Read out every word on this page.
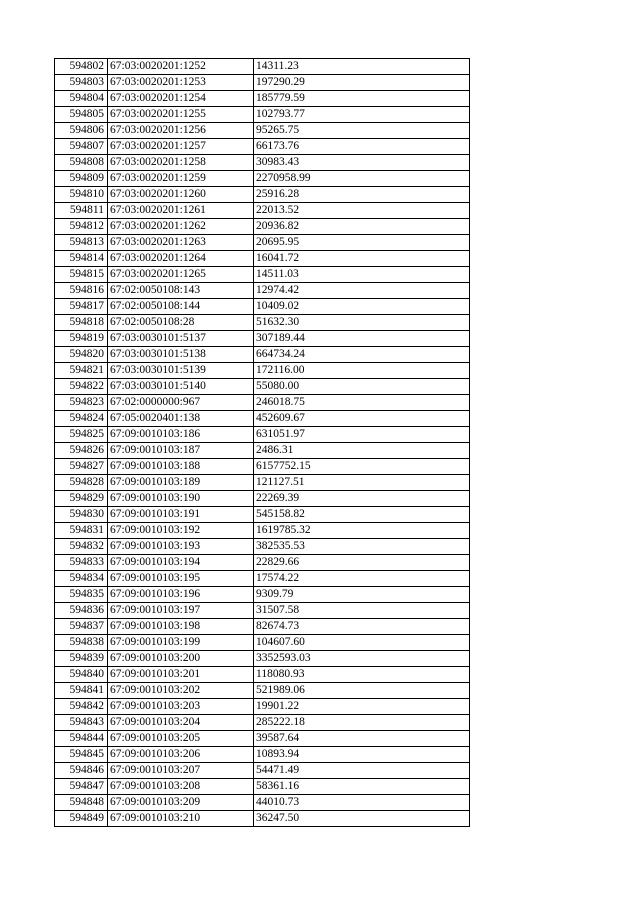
594802	67:03:0020201:1252	14311.23
594803	67:03:0020201:1253	197290.29
594804	67:03:0020201:1254	185779.59
594805	67:03:0020201:1255	102793.77
594806	67:03:0020201:1256	95265.75
594807	67:03:0020201:1257	66173.76
594808	67:03:0020201:1258	30983.43
594809	67:03:0020201:1259	2270958.99
594810	67:03:0020201:1260	25916.28
594811	67:03:0020201:1261	22013.52
594812	67:03:0020201:1262	20936.82
594813	67:03:0020201:1263	20695.95
594814	67:03:0020201:1264	16041.72
594815	67:03:0020201:1265	14511.03
594816	67:02:0050108:143	12974.42
594817	67:02:0050108:144	10409.02
594818	67:02:0050108:28	51632.30
594819	67:03:0030101:5137	307189.44
594820	67:03:0030101:5138	664734.24
594821	67:03:0030101:5139	172116.00
594822	67:03:0030101:5140	55080.00
594823	67:02:0000000:967	246018.75
594824	67:05:0020401:138	452609.67
594825	67:09:0010103:186	631051.97
594826	67:09:0010103:187	2486.31
594827	67:09:0010103:188	6157752.15
594828	67:09:0010103:189	121127.51
594829	67:09:0010103:190	22269.39
594830	67:09:0010103:191	545158.82
594831	67:09:0010103:192	1619785.32
594832	67:09:0010103:193	382535.53
594833	67:09:0010103:194	22829.66
594834	67:09:0010103:195	17574.22
594835	67:09:0010103:196	9309.79
594836	67:09:0010103:197	31507.58
594837	67:09:0010103:198	82674.73
594838	67:09:0010103:199	104607.60
594839	67:09:0010103:200	3352593.03
594840	67:09:0010103:201	118080.93
594841	67:09:0010103:202	521989.06
594842	67:09:0010103:203	19901.22
594843	67:09:0010103:204	285222.18
594844	67:09:0010103:205	39587.64
594845	67:09:0010103:206	10893.94
594846	67:09:0010103:207	54471.49
594847	67:09:0010103:208	58361.16
594848	67:09:0010103:209	44010.73
594849	67:09:0010103:210	36247.50
